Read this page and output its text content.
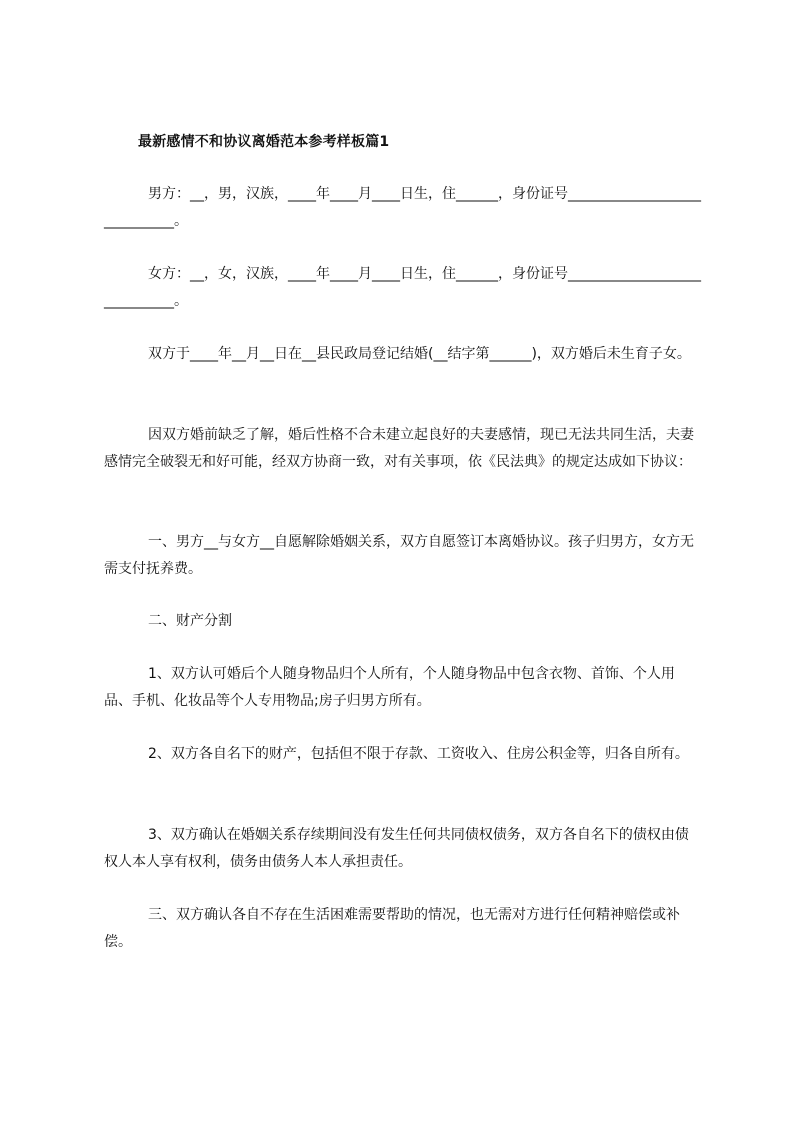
最新感情不和协议离婚范本参考样板篇1
男方：__，男，汉族，____年____月____日生，住______，身份证号_____________________________。
女方：__，女，汉族，____年____月____日生，住______，身份证号_____________________________。
双方于____年__月__日在__县民政局登记结婚(__结字第______)，双方婚后未生育子女。
因双方婚前缺乏了解，婚后性格不合未建立起良好的夫妻感情，现已无法共同生活，夫妻感情完全破裂无和好可能，经双方协商一致，对有关事项，依《民法典》的规定达成如下协议：
一、男方__与女方__自愿解除婚姻关系，双方自愿签订本离婚协议。孩子归男方，女方无需支付抚养费。
二、财产分割
1、双方认可婚后个人随身物品归个人所有，个人随身物品中包含衣物、首饰、个人用品、手机、化妆品等个人专用物品;房子归男方所有。
2、双方各自名下的财产，包括但不限于存款、工资收入、住房公积金等，归各自所有。
3、双方确认在婚姻关系存续期间没有发生任何共同债权债务，双方各自名下的债权由债权人本人享有权利，债务由债务人本人承担责任。
三、双方确认各自不存在生活困难需要帮助的情况，也无需对方进行任何精神赔偿或补偿。
